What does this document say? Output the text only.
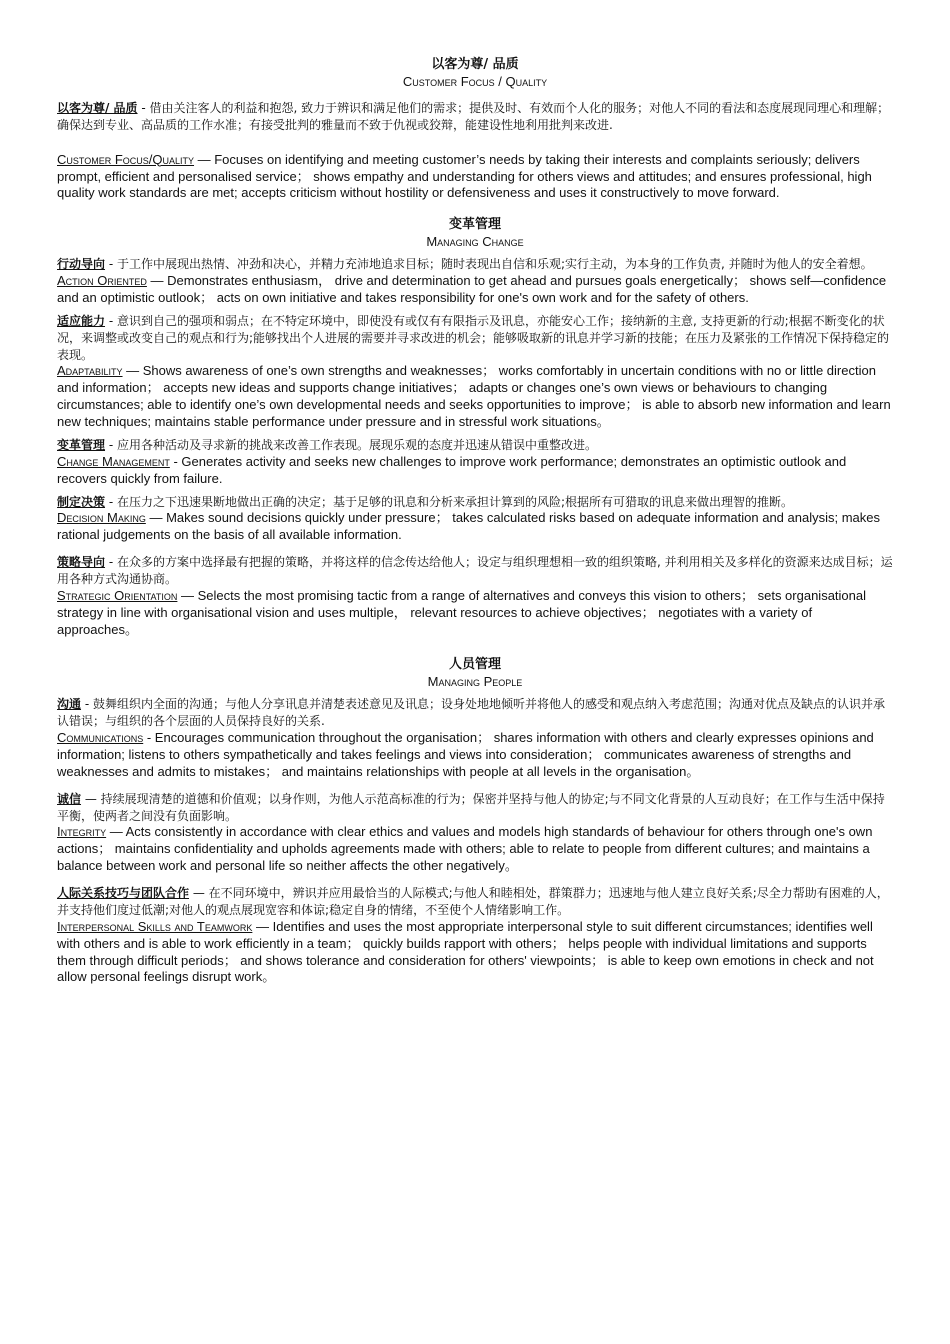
以客为尊/ 品质
Customer Focus / Quality

以客为尊/ 品质 - 借由关注客人的利益和抱怨, 致力于辨识和满足他们的需求；提供及时、有效而个人化的服务；对他人不同的看法和态度展现同理心和理解；确保达到专业、高品质的工作水准；有接受批判的雅量而不致于仇视或狡辩，能建设性地利用批判来改进.

Customer Focus/Quality — Focuses on identifying and meeting customer’s needs by taking their interests and complaints seriously; delivers prompt, efficient and personalised service； shows empathy and understanding for others views and attitudes; and ensures professional, high quality work standards are met; accepts criticism without hostility or defensiveness and uses it constructively to move forward.

变革管理
Managing Change

行动导向 - 于工作中展现出热情、冲劲和决心，并精力充沛地追求目标；随时表现出自信和乐观;实行主动，为本身的工作负责, 并随时为他人的安全着想。

Action Oriented — Demonstrates enthusiasm， drive and determination to get ahead and pursues goals energetically； shows self—confidence and an optimistic outlook； acts on own initiative and takes responsibility for one's own work and for the safety of others.

适应能力 - 意识到自己的强项和弱点；在不特定环境中，即使没有或仅有有限指示及讯息，亦能安心工作；接纳新的主意, 支持更新的行动;根据不断变化的状况，来调整或改变自己的观点和行为;能够找出个人进展的需要并寻求改进的机会；能够吸取新的讯息并学习新的技能；在压力及紧张的工作情况下保持稳定的表现。

Adaptability — Shows awareness of one’s own strengths and weaknesses； works comfortably in uncertain conditions with no or little direction and information； accepts new ideas and supports change initiatives； adapts or changes one’s own views or behaviours to changing circumstances; able to identify one’s own developmental needs and seeks opportunities to improve； is able to absorb new information and learn new techniques; maintains stable performance under pressure and in stressful work situations。

变革管理 - 应用各种活动及寻求新的挑战来改善工作表现。展现乐观的态度并迅速从错误中重整改进。

Change Management - Generates activity and seeks new challenges to improve work performance; demonstrates an optimistic outlook and recovers quickly from failure.

制定决策 - 在压力之下迅速果断地做出正确的决定；基于足够的讯息和分析来承担计算到的风险;根据所有可猎取的讯息来做出理智的推断。

Decision Making — Makes sound decisions quickly under pressure； takes calculated risks based on adequate information and analysis; makes rational judgements on the basis of all available information.

策略导向 - 在众多的方案中选择最有把握的策略，并将这样的信念传达给他人；设定与组织理想相一致的组织策略, 并利用相关及多样化的资源来达成目标；运用各种方式沟通协商。

Strategic Orientation — Selects the most promising tactic from a range of alternatives and conveys this vision to others； sets organisational strategy in line with organisational vision and uses multiple， relevant resources to achieve objectives； negotiates with a variety of approaches。

人员管理
Managing People

沟通 - 鼓舞组织内全面的沟通；与他人分享讯息并清楚表述意见及讯息；设身处地地倾听并将他人的感受和观点纳入考虑范围；沟通对优点及缺点的认识并承认错误；与组织的各个层面的人员保持良好的关系.

Communications - Encourages communication throughout the organisation； shares information with others and clearly expresses opinions and information; listens to others sympathetically and takes feelings and views into consideration； communicates awareness of strengths and weaknesses and admits to mistakes； and maintains relationships with people at all levels in the organisation。

诚信 — 持续展现清楚的道德和价值观；以身作则，为他人示范高标准的行为；保密并坚持与他人的协定;与不同文化背景的人互动良好；在工作与生活中保持平衡，使两者之间没有负面影响。

Integrity — Acts consistently in accordance with clear ethics and values and models high standards of behaviour for others through one's own actions； maintains confidentiality and upholds agreements made with others; able to relate to people from different cultures; and maintains a balance between work and personal life so neither affects the other negatively。

人际关系技巧与团队合作 — 在不同环境中，辨识并应用最恰当的人际模式;与他人和睦相处，群策群力；迅速地与他人建立良好关系;尽全力帮助有困难的人，并支持他们度过低潮;对他人的观点展现宽容和体谅;稳定自身的情绪，不至使个人情绪影响工作。

Interpersonal Skills and Teamwork — Identifies and uses the most appropriate interpersonal style to suit different circumstances; identifies well with others and is able to work efficiently in a team； quickly builds rapport with others； helps people with individual limitations and supports them through difficult periods； and shows tolerance and consideration for others' viewpoints； is able to keep own emotions in check and not allow personal feelings disrupt work。
